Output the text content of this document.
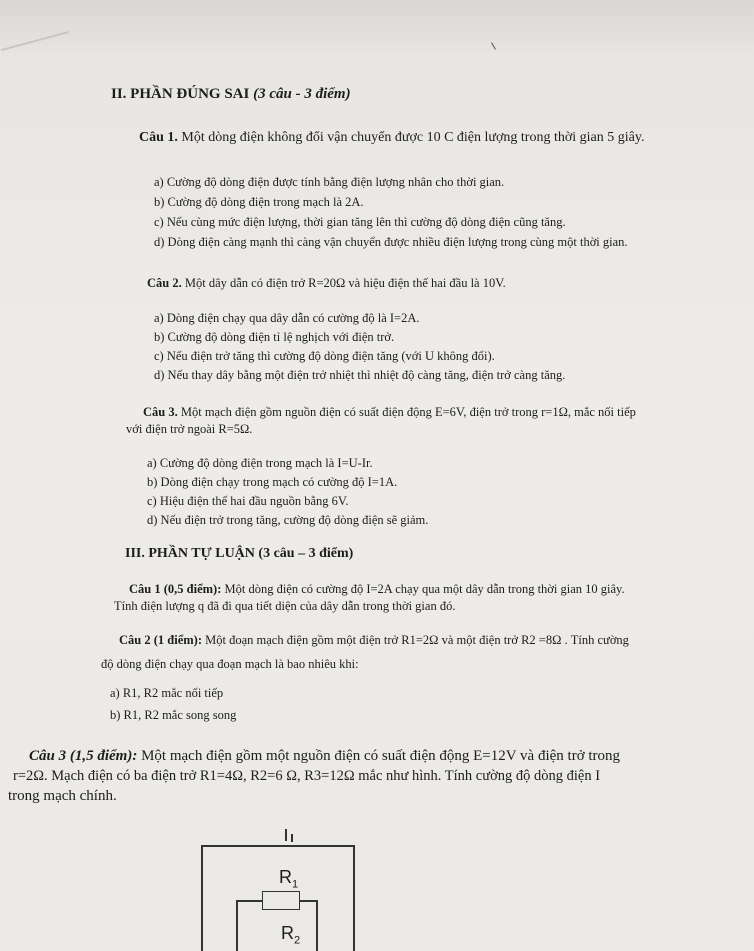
II. PHẦN ĐÚNG SAI (3 câu - 3 điểm)
Câu 1. Một dòng điện không đổi vận chuyển được 10 C điện lượng trong thời gian 5 giây.
a) Cường độ dòng điện được tính bằng điện lượng nhân cho thời gian.
b) Cường độ dòng điện trong mạch là 2A.
c) Nếu cùng mức điện lượng, thời gian tăng lên thì cường độ dòng điện cũng tăng.
d) Dòng điện càng mạnh thì càng vận chuyển được nhiều điện lượng trong cùng một thời gian.
Câu 2. Một dây dẫn có điện trở R=20Ω và hiệu điện thế hai đầu là 10V.
a) Dòng điện chạy qua dây dẫn có cường độ là I=2A.
b) Cường độ dòng điện tỉ lệ nghịch với điện trở.
c) Nếu điện trở tăng thì cường độ dòng điện tăng (với U không đổi).
d) Nếu thay dây bằng một điện trở nhiệt thì nhiệt độ càng tăng, điện trở càng tăng.
Câu 3. Một mạch điện gồm nguồn điện có suất điện động E=6V, điện trở trong r=1Ω, mắc nối tiếp
với điện trở ngoài R=5Ω.
a) Cường độ dòng điện trong mạch là I=U-Ir.
b) Dòng điện chạy trong mạch có cường độ I=1A.
c) Hiệu điện thế hai đầu nguồn bằng 6V.
d) Nếu điện trở trong tăng, cường độ dòng điện sẽ giảm.
III. PHẦN TỰ LUẬN (3 câu – 3 điểm)
Câu 1 (0,5 điểm): Một dòng điện có cường độ I=2A chạy qua một dây dẫn trong thời gian 10 giây.
Tính điện lượng q đã đi qua tiết diện của dây dẫn trong thời gian đó.
Câu 2 (1 điểm): Một đoạn mạch điện gồm một điện trở R1=2Ω và một điện trở R2 =8Ω . Tính cường
độ dòng điện chạy qua đoạn mạch là bao nhiêu khi:
a) R1, R2 mắc nối tiếp
b) R1, R2 mắc song song
Câu 3 (1,5 điểm): Một mạch điện gồm một nguồn điện có suất điện động E=12V và điện trở trong
r=2Ω. Mạch điện có ba điện trở R1=4Ω, R2=6 Ω, R3=12Ω mắc như hình. Tính cường độ dòng điện I
trong mạch chính.
$R_1$
$R_2$
